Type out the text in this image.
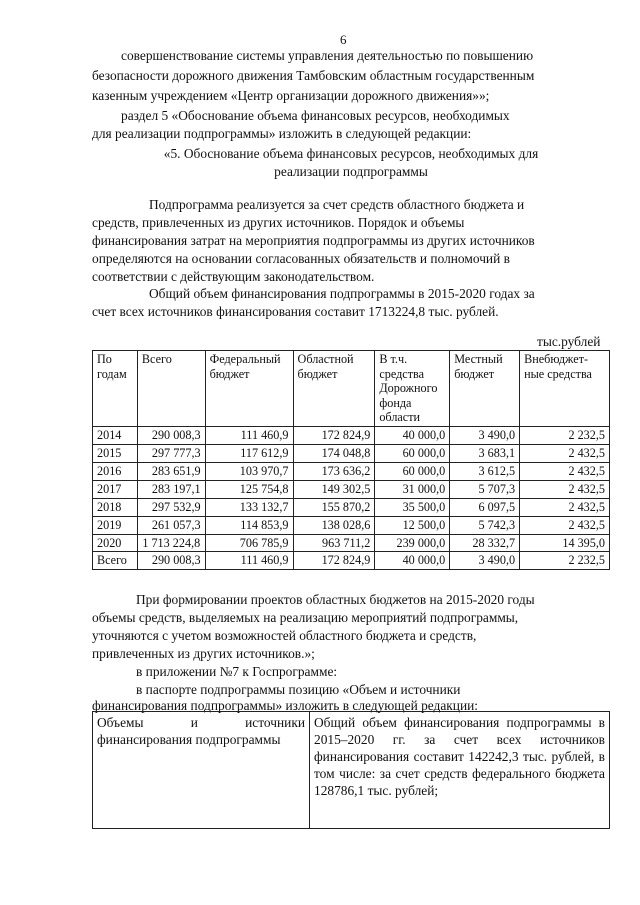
6
совершенствование системы управления деятельностью по повышению
безопасности дорожного движения Тамбовским областным государственным
казенным учреждением «Центр организации дорожного движения»»;
раздел 5 «Обоснование объема финансовых ресурсов, необходимых
для реализации подпрограммы» изложить в следующей редакции:
«5. Обоснование объема финансовых ресурсов, необходимых для
реализации подпрограммы
Подпрограмма реализуется за счет средств областного бюджета и
средств, привлеченных из других источников. Порядок и объемы
финансирования затрат на мероприятия подпрограммы из других источников
определяются на основании согласованных обязательств и полномочий в
соответствии с действующим законодательством.
Общий объем финансирования подпрограммы в 2015-2020 годах за
счет всех источников финансирования составит 1713224,8 тыс. рублей.
тыс.рублей
По годам	Всего	Федеральный бюджет	Областной бюджет	В т.ч. средства Дорожного фонда области	Местный бюджет	Внебюджет-ные средства
2014	290 008,3	111 460,9	172 824,9	40 000,0	3 490,0	2 232,5
2015	297 777,3	117 612,9	174 048,8	60 000,0	3 683,1	2 432,5
2016	283 651,9	103 970,7	173 636,2	60 000,0	3 612,5	2 432,5
2017	283 197,1	125 754,8	149 302,5	31 000,0	5 707,3	2 432,5
2018	297 532,9	133 132,7	155 870,2	35 500,0	6 097,5	2 432,5
2019	261 057,3	114 853,9	138 028,6	12 500,0	5 742,3	2 432,5
2020	1 713 224,8	706 785,9	963 711,2	239 000,0	28 332,7	14 395,0
Всего	290 008,3	111 460,9	172 824,9	40 000,0	3 490,0	2 232,5
При формировании проектов областных бюджетов на 2015-2020 годы
объемы средств, выделяемых на реализацию мероприятий подпрограммы,
уточняются с учетом возможностей областного бюджета и средств,
привлеченных из других источников.»;
в приложении №7 к Госпрограмме:
в паспорте подпрограммы позицию «Объем и источники
финансирования подпрограммы» изложить в следующей редакции:
Объемы и источники финансирования подпрограммы	Общий объем финансирования подпрограммы в 2015–2020 гг. за счет всех источников финансирования составит 142242,3 тыс. рублей, в том числе: за счет средств федерального бюджета 128786,1 тыс. рублей;
